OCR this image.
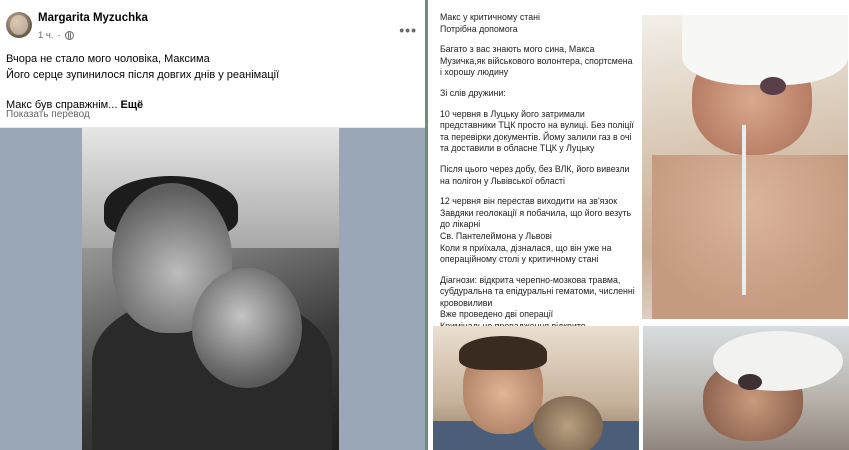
Margarita Myzuchka
1 ч. ·	•••

Вчора не стало мого чоловіка, Максима

Його серце зупинилося після довгих днів у реанімації

Макс був справжнім... Ещё

Показать перевод

Макс у критичному стані

Потрібна допомога

Багато з вас знають мого сина, Макса

Музичка,як військового волонтера, спортсмена

і хорошу людину

Зі слів дружини:

10 червня в Луцьку його затримали

представники ТЦК просто на вулиці. Без поліції

та перевірки документів. Йому залили газ в очі

та доставили в обласне ТЦК у Луцьку

Після цього через добу, без ВЛК, його вивезли

на полігон у Львівської області

12 червня він перестав виходити на зв'язок

Завдяки геолокації я побачила, що його везуть

до лікарні

Св. Пантелеймона у Львові

Коли я приїхала, дізналася, що він уже на

операційному столі у критичному стані

Діагнози: відкрита черепно-мозкова травма,

субдуральна та епідуральні гематоми, численні

крововиливи

Вже проведено дві операції
